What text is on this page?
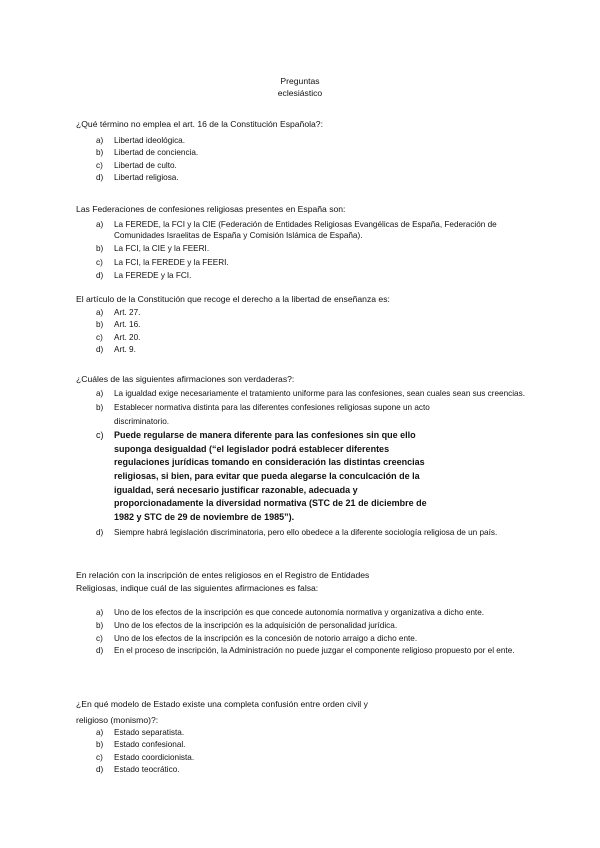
Preguntas
eclesiástico
¿Qué término no emplea el art. 16 de la Constitución Española?:
a)	Libertad ideológica.
b)	Libertad de conciencia.
c)	Libertad de culto.
d)	Libertad religiosa.
Las Federaciones de confesiones religiosas presentes en España son:
a)	La FEREDE, la FCI y la CIE (Federación de Entidades Religiosas Evangélicas de España, Federación de Comunidades Israelitas de España y Comisión Islámica de España).
b)	La FCI, la CIE y la FEERI.
c)	La FCI, la FEREDE y la FEERI.
d)	La FEREDE y la FCI.
El artículo de la Constitución que recoge el derecho a la libertad de enseñanza es:
a)	Art. 27.
b)	Art. 16.
c)	Art. 20.
d)	Art. 9.
¿Cuáles de las siguientes afirmaciones son verdaderas?:
a)	La igualdad exige necesariamente el tratamiento uniforme para las confesiones, sean cuales sean sus creencias.
b)	Establecer normativa distinta para las diferentes confesiones religiosas supone un acto discriminatorio.
c)	Puede regularse de manera diferente para las confesiones sin que ello suponga desigualdad (“el legislador podrá establecer diferentes regulaciones jurídicas tomando en consideración las distintas creencias religiosas, si bien, para evitar que pueda alegarse la conculcación de la igualdad, será necesario justificar razonable, adecuada y proporcionadamente la diversidad normativa (STC de 21 de diciembre de 1982 y STC de 29 de noviembre de 1985”).
d)	Siempre habrá legislación discriminatoria, pero ello obedece a la diferente sociología religiosa de un país.
En relación con la inscripción de entes religiosos en el Registro de Entidades
Religiosas, indique cuál de las siguientes afirmaciones es falsa:
a)	Uno de los efectos de la inscripción es que concede autonomía normativa y organizativa a dicho ente.
b)	Uno de los efectos de la inscripción es la adquisición de personalidad jurídica.
c)	Uno de los efectos de la inscripción es la concesión de notorio arraigo a dicho ente.
d)	En el proceso de inscripción, la Administración no puede juzgar el componente religioso propuesto por el ente.
¿En qué modelo de Estado existe una completa confusión entre orden civil y
religioso (monismo)?:
a)	Estado separatista.
b)	Estado confesional.
c)	Estado coordicionista.
d)	Estado teocrático.
